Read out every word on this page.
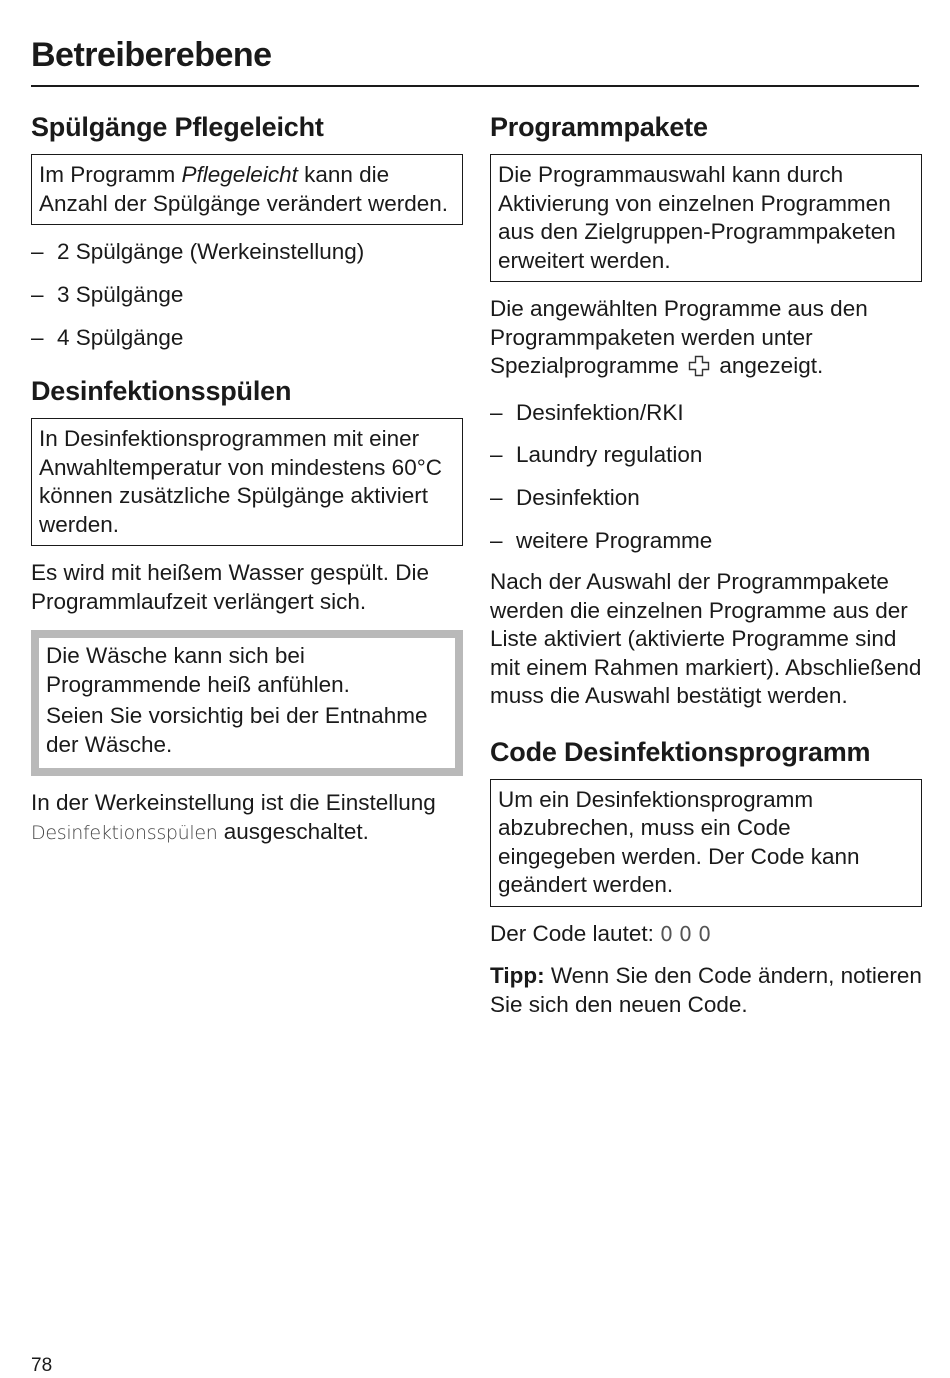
Betreiberebene
Spülgänge Pflegeleicht
Im Programm Pflegeleicht kann die Anzahl der Spülgänge verändert werden.
– 2 Spülgänge (Werkeinstellung)
– 3 Spülgänge
– 4 Spülgänge
Desinfektionsspülen
In Desinfektionsprogrammen mit einer Anwahltemperatur von mindestens 60°C können zusätzliche Spülgänge aktiviert werden.

Es wird mit heißem Wasser gespült. Die Programmlaufzeit verlängert sich.

Die Wäsche kann sich bei Programmende heiß anfühlen.
Seien Sie vorsichtig bei der Entnahme der Wäsche.

In der Werkeinstellung ist die Einstellung Desinfektionsspülen ausgeschaltet.

Programmpakete
Die Programmauswahl kann durch Aktivierung von einzelnen Programmen aus den Zielgruppen-Programmpaketen erweitert werden.

Die angewählten Programme aus den Programmpaketen werden unter Spezialprogramme angezeigt.

– Desinfektion/RKI
– Laundry regulation
– Desinfektion
– weitere Programme

Nach der Auswahl der Programmpakete werden die einzelnen Programme aus der Liste aktiviert (aktivierte Programme sind mit einem Rahmen markiert). Abschließend muss die Auswahl bestätigt werden.

Code Desinfektionsprogramm
Um ein Desinfektionsprogramm abzubrechen, muss ein Code eingegeben werden. Der Code kann geändert werden.

Der Code lautet: 0 0 0

Tipp: Wenn Sie den Code ändern, notieren Sie sich den neuen Code.

78
